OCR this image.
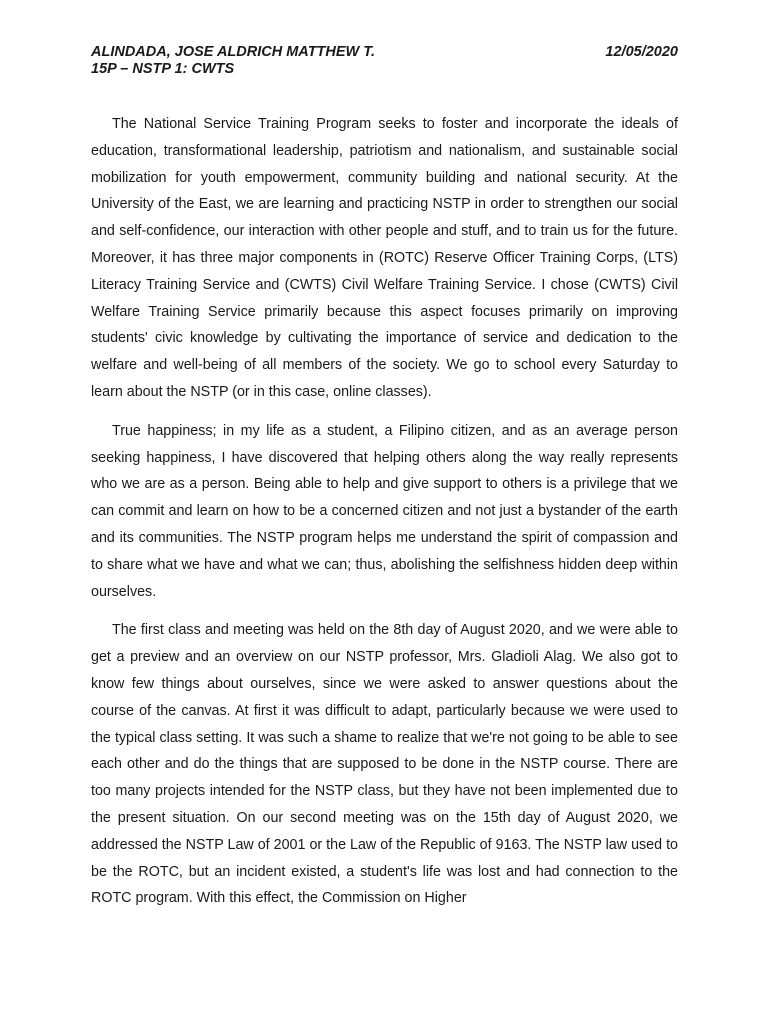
ALINDADA, JOSE ALDRICH MATTHEW T.	12/05/2020
15P – NSTP 1: CWTS

The National Service Training Program seeks to foster and incorporate the ideals of education, transformational leadership, patriotism and nationalism, and sustainable social mobilization for youth empowerment, community building and national security. At the University of the East, we are learning and practicing NSTP in order to strengthen our social and self-confidence, our interaction with other people and stuff, and to train us for the future. Moreover, it has three major components in (ROTC) Reserve Officer Training Corps, (LTS) Literacy Training Service and (CWTS) Civil Welfare Training Service. I chose (CWTS) Civil Welfare Training Service primarily because this aspect focuses primarily on improving students' civic knowledge by cultivating the importance of service and dedication to the welfare and well-being of all members of the society. We go to school every Saturday to learn about the NSTP (or in this case, online classes).

True happiness; in my life as a student, a Filipino citizen, and as an average person seeking happiness, I have discovered that helping others along the way really represents who we are as a person. Being able to help and give support to others is a privilege that we can commit and learn on how to be a concerned citizen and not just a bystander of the earth and its communities. The NSTP program helps me understand the spirit of compassion and to share what we have and what we can; thus, abolishing the selfishness hidden deep within ourselves.

The first class and meeting was held on the 8th day of August 2020, and we were able to get a preview and an overview on our NSTP professor, Mrs. Gladioli Alag. We also got to know few things about ourselves, since we were asked to answer questions about the course of the canvas. At first it was difficult to adapt, particularly because we were used to the typical class setting. It was such a shame to realize that we're not going to be able to see each other and do the things that are supposed to be done in the NSTP course. There are too many projects intended for the NSTP class, but they have not been implemented due to the present situation. On our second meeting was on the 15th day of August 2020, we addressed the NSTP Law of 2001 or the Law of the Republic of 9163. The NSTP law used to be the ROTC, but an incident existed, a student's life was lost and had connection to the ROTC program. With this effect, the Commission on Higher
